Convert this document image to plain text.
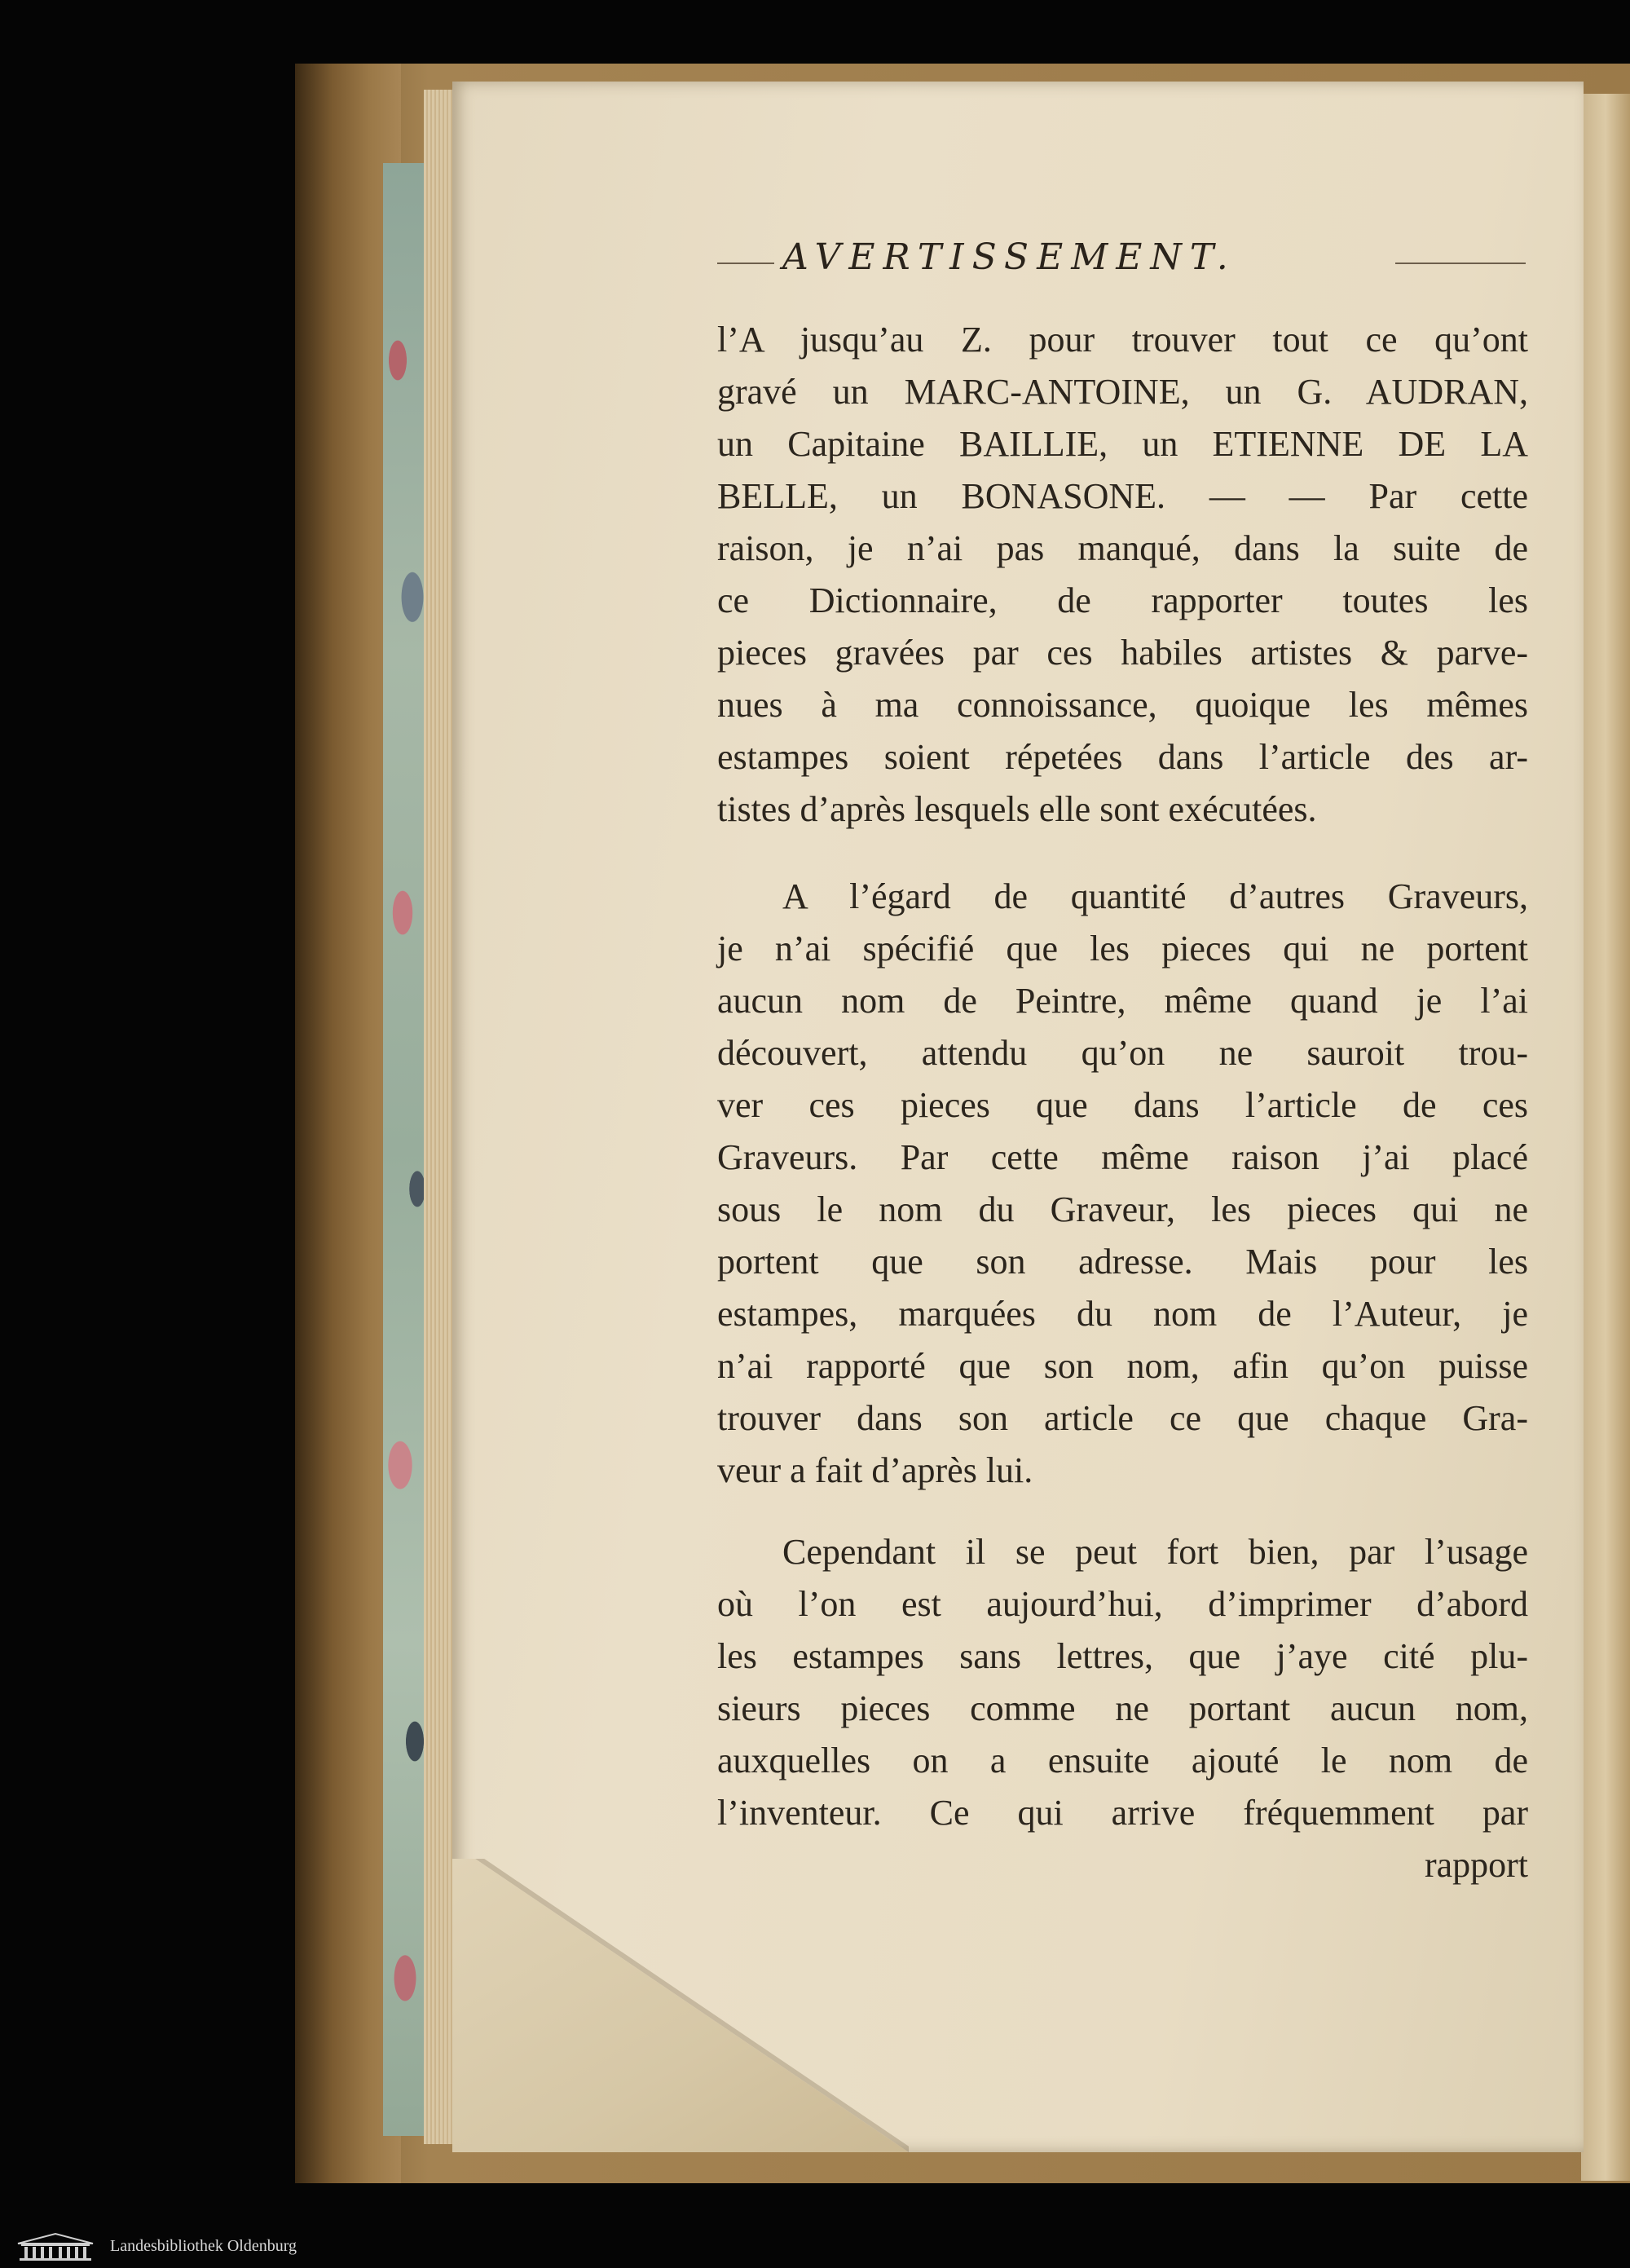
AVERTISSEMENT.
l’A jusqu’au Z. pour trouver tout ce qu’ont
gravé un MARC-ANTOINE, un G. AUDRAN,
un Capitaine BAILLIE, un ETIENNE DE LA
BELLE, un BONASONE. — — Par cette
raison, je n’ai pas manqué, dans la suite de
ce Dictionnaire, de rapporter toutes les
pieces gravées par ces habiles artistes & parve-
nues à ma connoissance, quoique les mêmes
estampes soient répetées dans l’article des ar-
tistes d’après lesquels elle sont exécutées.
A l’égard de quantité d’autres Graveurs,
je n’ai spécifié que les pieces qui ne portent
aucun nom de Peintre, même quand je l’ai
découvert, attendu qu’on ne sauroit trou-
ver ces pieces que dans l’article de ces
Graveurs. Par cette même raison j’ai placé
sous le nom du Graveur, les pieces qui ne
portent que son adresse. Mais pour les
estampes, marquées du nom de l’Auteur, je
n’ai rapporté que son nom, afin qu’on puisse
trouver dans son article ce que chaque Gra-
veur a fait d’après lui.
Cependant il se peut fort bien, par l’usage
où l’on est aujourd’hui, d’imprimer d’abord
les estampes sans lettres, que j’aye cité plu-
sieurs pieces comme ne portant aucun nom,
auxquelles on a ensuite ajouté le nom de
l’inventeur. Ce qui arrive fréquemment par
rapport
Landesbibliothek Oldenburg
